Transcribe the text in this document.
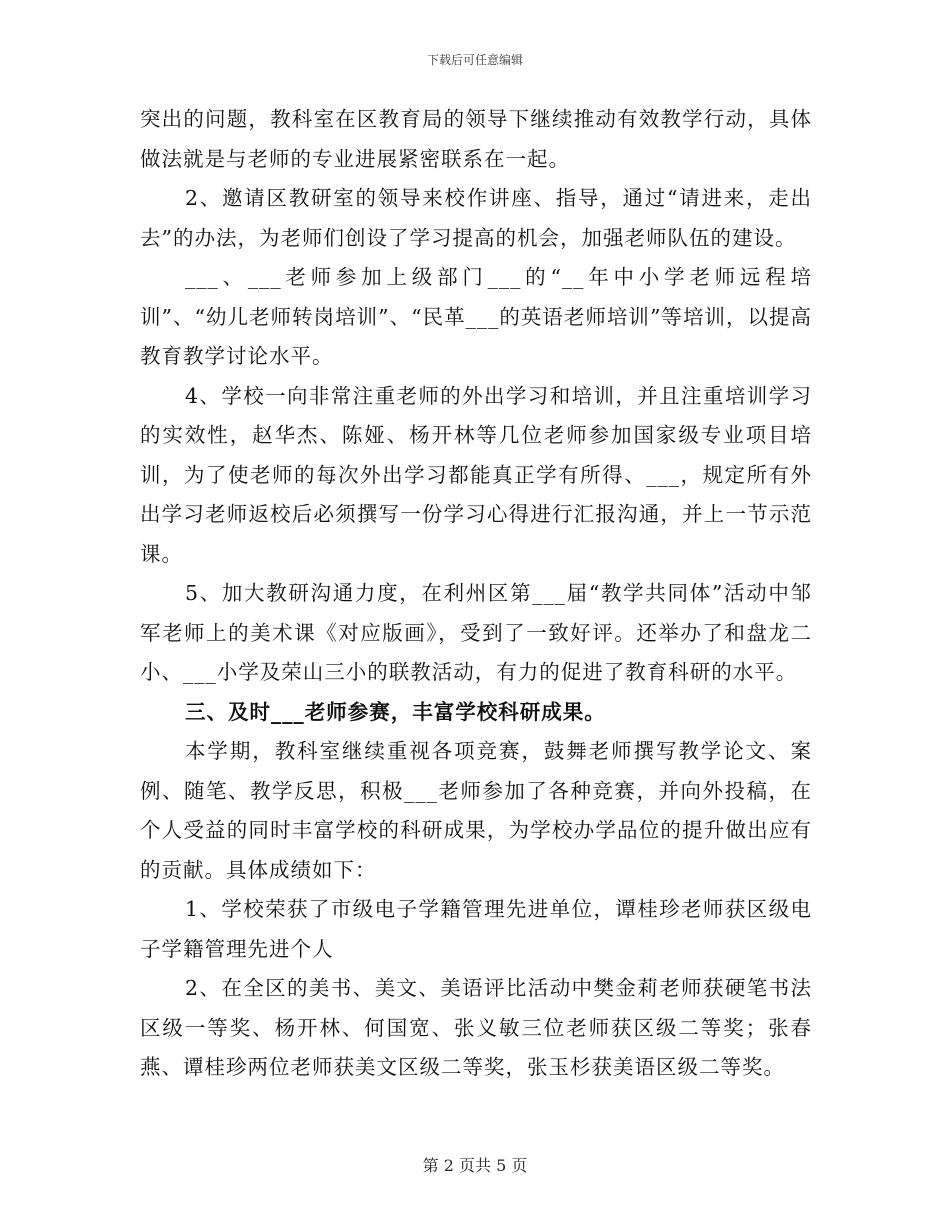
下载后可任意编辑

突出的问题，教科室在区教育局的领导下继续推动有效教学行动，具体做法就是与老师的专业进展紧密联系在一起。

2、邀请区教研室的领导来校作讲座、指导，通过“请进来，走出去”的办法，为老师们创设了学习提高的机会，加强老师队伍的建设。

___、___老师参加上级部门___的“__年中小学老师远程培训”、“幼儿老师转岗培训”、“民革___的英语老师培训”等培训，以提高教育教学讨论水平。

4、学校一向非常注重老师的外出学习和培训，并且注重培训学习的实效性，赵华杰、陈娅、杨开林等几位老师参加国家级专业项目培训，为了使老师的每次外出学习都能真正学有所得、___，规定所有外出学习老师返校后必须撰写一份学习心得进行汇报沟通，并上一节示范课。

5、加大教研沟通力度，在利州区第___届“教学共同体”活动中邹军老师上的美术课《对应版画》，受到了一致好评。还举办了和盘龙二小、___小学及荣山三小的联教活动，有力的促进了教育科研的水平。

三、及时___老师参赛，丰富学校科研成果。

本学期，教科室继续重视各项竞赛，鼓舞老师撰写教学论文、案例、随笔、教学反思，积极___老师参加了各种竞赛，并向外投稿，在个人受益的同时丰富学校的科研成果，为学校办学品位的提升做出应有的贡献。具体成绩如下：

1、学校荣获了市级电子学籍管理先进单位，谭桂珍老师获区级电子学籍管理先进个人

2、在全区的美书、美文、美语评比活动中樊金莉老师获硬笔书法区级一等奖、杨开林、何国宽、张义敏三位老师获区级二等奖；张春燕、谭桂珍两位老师获美文区级二等奖，张玉杉获美语区级二等奖。

第 2 页共 5 页
